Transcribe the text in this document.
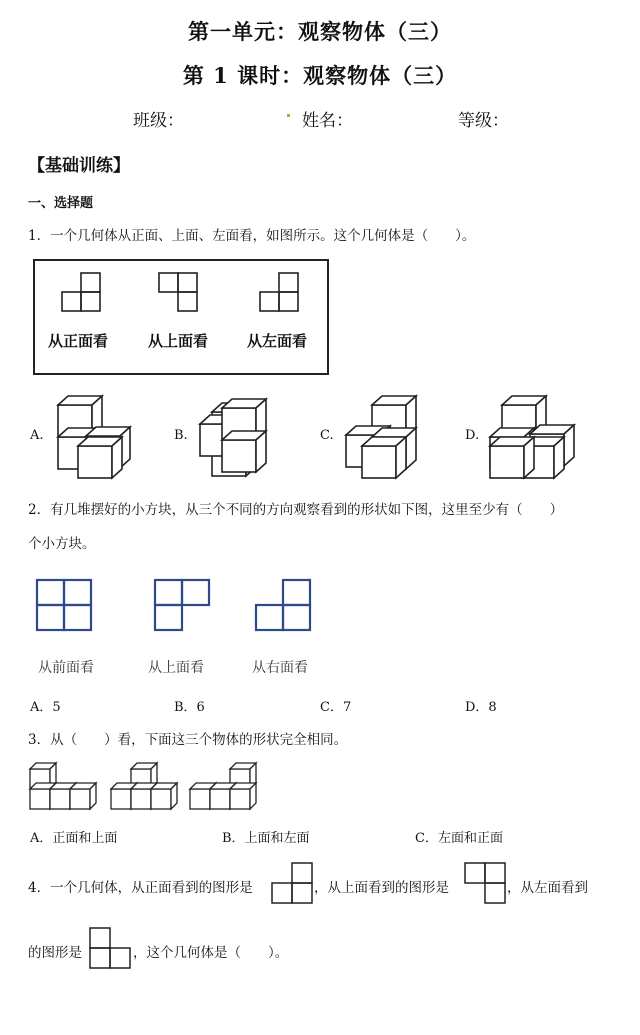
第一单元：观察物体（三）
第 1 课时：观察物体（三）
班级：	姓名：	等级：
【基础训练】
一、选择题
1．一个几何体从正面、上面、左面看，如图所示。这个几何体是（　　）。
从正面看	从上面看	从左面看
A.	B.	C.	D.
2．有几堆摆好的小方块，从三个不同的方向观察看到的形状如下图，这里至少有（　　）
个小方块。
从前面看	从上面看	从右面看
A．5	B．6	C．7	D．8
3．从（　　）看，下面这三个物体的形状完全相同。
A．正面和上面	B．上面和左面	C．左面和正面
4．一个几何体，从正面看到的图形是	，从上面看到的图形是	，从左面看到
的图形是	，这个几何体是（　　）。
